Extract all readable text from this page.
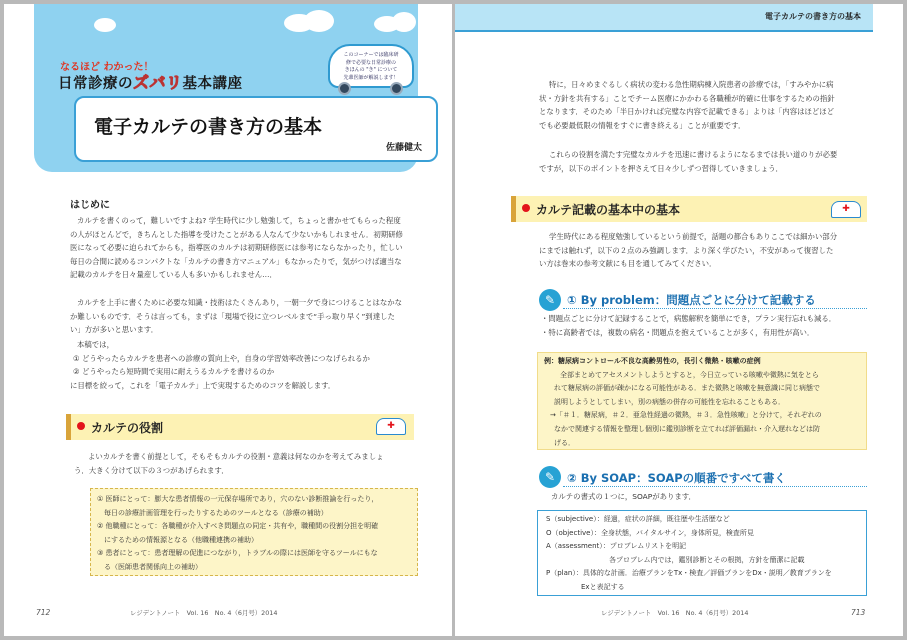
なるほど わかった！
日常診療のズバリ基本講座
このコーナーでは臨床研
修で必要な日常診療の
きほんの "き" について
先輩医師が解説します！
電子カルテの書き方の基本
佐藤健太
はじめに
カルテを書くのって，難しいですよね? 学生時代に少し勉強して，ちょっと書かせてもらった程度
の人がほとんどで，きちんとした指導を受けたことがある人なんて少ないかもしれません．初期研修
医になって必要に迫られてからも，指導医のカルテは初期研修医には参考にならなかったり，忙しい
毎日の合間に読めるコンパクトな「カルテの書き方マニュアル」もなかったりで，気がつけば適当な
記載のカルテを日々量産している人も多いかもしれません…．
カルテを上手に書くために必要な知識・技術はたくさんあり，一朝一夕で身につけることはなかな
か難しいものです．そうは言っても，まずは「現場で役に立つレベルまで“手っ取り早く”到達した
い」方が多いと思います．
本稿では，
① どうやったらカルテを患者への診療の質向上や，自身の学習効率改善につなげられるか
② どうやったら短時間で実用に耐えうるカルテを書けるのか
に目標を絞って，これを「電子カルテ」上で実現するためのコツを解説します．
カルテの役割	✚
よいカルテを書く前提として，そもそもカルテの役割・意義は何なのかを考えてみましょ
う．大きく分けて以下の３つがあげられます．
① 医師にとって：膨大な患者情報の一元保存場所であり，穴のない診断推論を行ったり，
　毎日の診療計画管理を行ったりするためのツールとなる（診療の補助）
② 他職種にとって：各職種が介入すべき問題点の同定・共有や，職種間の役割分担を明確
　にするための情報源となる（他職種連携の補助）
③ 患者にとって：患者理解の促進につながり，トラブルの際には医師を守るツールにもな
　る（医師患者関係向上の補助）
712	レジデントノート　Vol. 16　No. 4（6月号）2014
電子カルテの書き方の基本
特に，日々めまぐるしく病状の変わる急性期病棟入院患者の診療では，「すみやかに病
状・方針を共有する」ことでチーム医療にかかわる各職種が的確に仕事をするための指針
となります．そのため「半日かければ完璧な内容で記載できる」よりは「内容はほどほど
でも必要最低限の情報をすぐに書き終える」ことが重要です．
これらの役割を満たす完璧なカルテを迅速に書けるようになるまでは長い道のりが必要
ですが，以下のポイントを押さえて日々少しずつ習得していきましょう．
カルテ記載の基本中の基本	✚
学生時代にある程度勉強しているという前提で，話題の都合もありここでは細かい部分
にまでは触れず，以下の２点のみ強調します．より深く学びたい，不安があって復習した
い方は巻末の参考文献にも目を通してみてください．
✎	① By problem：問題点ごとに分けて記載する
・問題点ごとに分けて記録することで，病態解釈を簡単にでき，プラン実行忘れも減る．
・特に高齢者では，複数の病名・問題点を抱えていることが多く，有用性が高い．
例：糖尿病コントロール不良な高齢男性の，長引く微熱・咳嗽の症例
全部まとめてアセスメントしようとすると，今日立っている咳嗽や微熱に気をとら
れて糖尿病の評価が疎かになる可能性がある．また微熱と咳嗽を無意識に同じ病態で
説明しようとしてしまい，別の病態の併存の可能性を忘れることもある．
→「＃１．糖尿病，＃２．亜急性経過の微熱，＃３．急性咳嗽」と分けて，それぞれの
なかで関連する情報を整理し個別に鑑別診断を立てれば評価漏れ・介入遅れなどは防
げる．
✎	② By SOAP：SOAPの順番ですべて書く
カルテの書式の１つに，SOAPがあります．
S（subjective）：経過，症状の詳細，既往歴や生活歴など
O（objective）：全身状態，バイタルサイン，身体所見，検査所見
A（assessment）：プロブレムリストを明記
　　　　　　　　　各プロブレム内では，鑑別診断とその根拠，方針を簡潔に記載
P（plan）：具体的な計画．治療プランをTx・検査／評価プランをDx・説明／教育プランを
　　　　　Exと表記する
レジデントノート　Vol. 16　No. 4（6月号）2014	713
